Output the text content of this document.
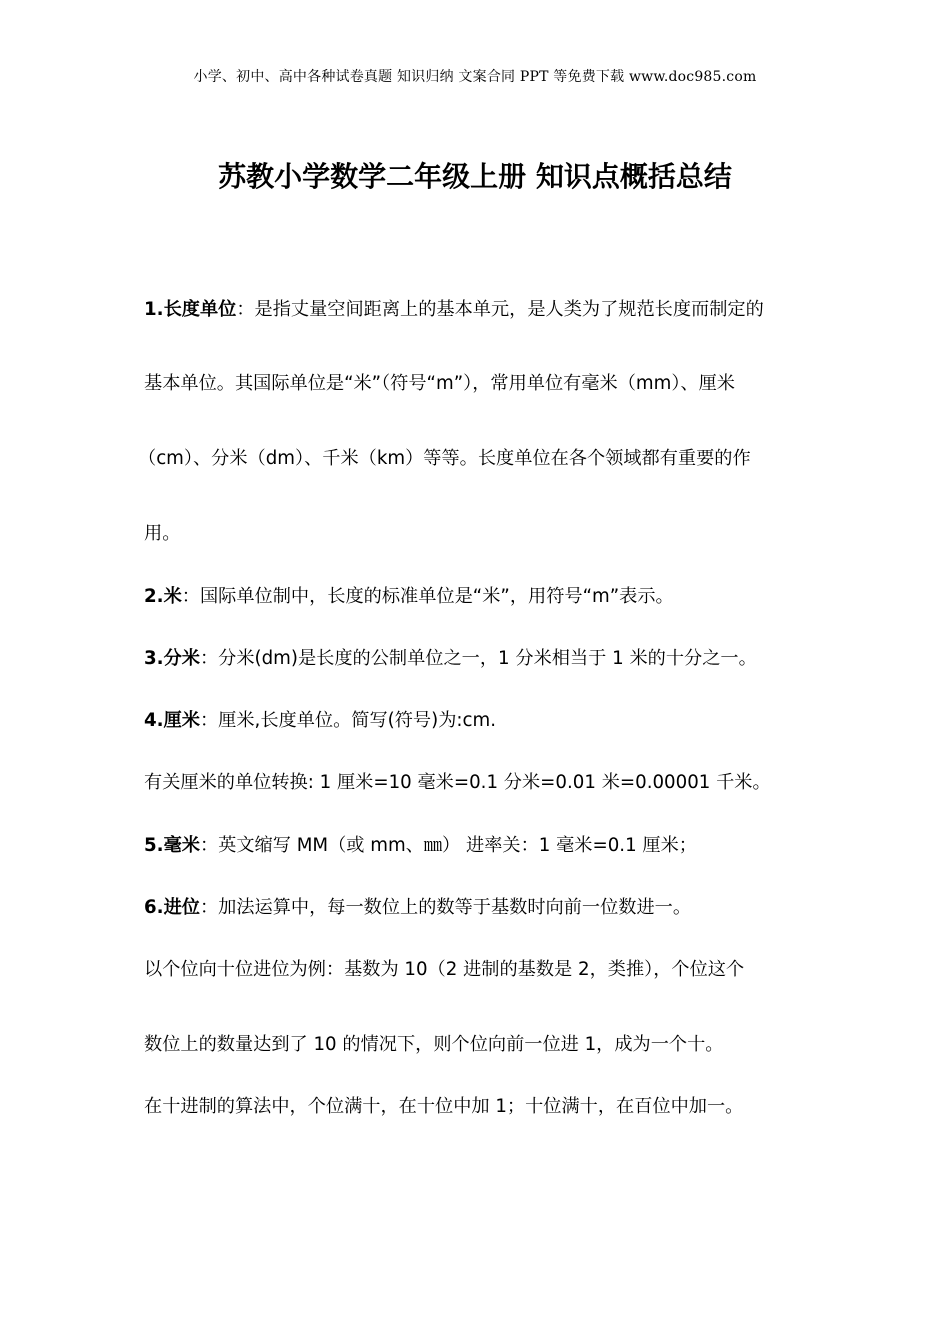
小学、初中、高中各种试卷真题 知识归纳 文案合同 PPT 等免费下载 www.doc985.com
苏教小学数学二年级上册 知识点概括总结
1.长度单位：是指丈量空间距离上的基本单元，是人类为了规范长度而制定的
基本单位。其国际单位是“米”（符号“m”），常用单位有毫米（mm）、厘米
（cm）、分米（dm）、千米（km）等等。长度单位在各个领域都有重要的作
用。
2.米：国际单位制中，长度的标准单位是“米”，用符号“m”表示。
3.分米：分米(dm)是长度的公制单位之一，1 分米相当于 1 米的十分之一。
4.厘米：厘米,长度单位。简写(符号)为:cm.
有关厘米的单位转换: 1 厘米=10 毫米=0.1 分米=0.01 米=0.00001 千米。
5.毫米：英文缩写 MM（或 mm、㎜） 进率关：1 毫米=0.1 厘米；
6.进位：加法运算中，每一数位上的数等于基数时向前一位数进一。
以个位向十位进位为例：基数为 10（2 进制的基数是 2，类推），个位这个
数位上的数量达到了 10 的情况下，则个位向前一位进 1，成为一个十。
在十进制的算法中，个位满十，在十位中加 1；十位满十，在百位中加一。
